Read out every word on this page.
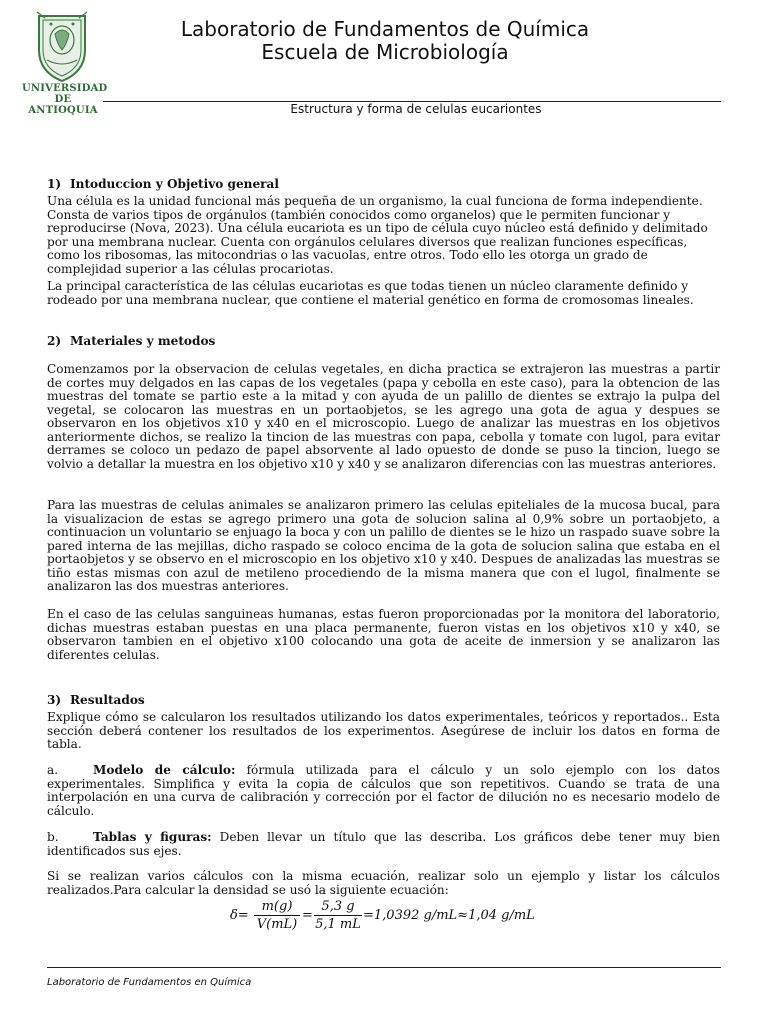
UNIVERSIDAD
DE ANTIOQUIA
Laboratorio de Fundamentos de Química
Escuela de Microbiología
Estructura y forma de celulas eucariontes
1) Intoduccion y Objetivo general

Una célula es la unidad funcional más pequeña de un organismo, la cual funciona de forma independiente. Consta de varios tipos de orgánulos (también conocidos como organelos) que le permiten funcionar y reproducirse (Nova, 2023). Una célula eucariota es un tipo de célula cuyo núcleo está definido y delimitado por una membrana nuclear. Cuenta con orgánulos celulares diversos que realizan funciones específicas, como los ribosomas, las mitocondrias o las vacuolas, entre otros. Todo ello les otorga un grado de complejidad superior a las células procariotas.

La principal característica de las células eucariotas es que todas tienen un núcleo claramente definido y rodeado por una membrana nuclear, que contiene el material genético en forma de cromosomas lineales.

2) Materiales y metodos

Comenzamos por la observacion de celulas vegetales, en dicha practica se extrajeron las muestras a partir de cortes muy delgados en las capas de los vegetales (papa y cebolla en este caso), para la obtencion de las muestras del tomate se partio este a la mitad y con ayuda de un palillo de dientes se extrajo la pulpa del vegetal, se colocaron las muestras en un portaobjetos, se les agrego una gota de agua y despues se observaron en los objetivos x10 y x40 en el microscopio. Luego de analizar las muestras en los objetivos anteriormente dichos, se realizo la tincion de las muestras con papa, cebolla y tomate con lugol, para evitar derrames se coloco un pedazo de papel absorvente al lado opuesto de donde se puso la tincion, luego se volvio a detallar la muestra en los objetivo x10 y x40 y se analizaron diferencias con las muestras anteriores.

Para las muestras de celulas animales se analizaron primero las celulas epiteliales de la mucosa bucal, para la visualizacion de estas se agrego primero una gota de solucion salina al 0,9% sobre un portaobjeto, a continuacion un voluntario se enjuago la boca y con un palillo de dientes se le hizo un raspado suave sobre la pared interna de las mejillas, dicho raspado se coloco encima de la gota de solucion salina que estaba en el portaobjetos y se observo en el microscopio en los objetivo x10 y x40. Despues de analizadas las muestras se tiño estas mismas con azul de metileno procediendo de la misma manera que con el lugol, finalmente se analizaron las dos muestras anteriores.

En el caso de las celulas sanguineas humanas, estas fueron proporcionadas por la monitora del laboratorio, dichas muestras estaban puestas en una placa permanente, fueron vistas en los objetivos x10 y x40, se observaron tambien en el objetivo x100 colocando una gota de aceite de inmersion y se analizaron las diferentes celulas.

3) Resultados

Explique cómo se calcularon los resultados utilizando los datos experimentales, teóricos y reportados.. Esta sección deberá contener los resultados de los experimentos. Asegúrese de incluir los datos en forma de tabla.

a.	Modelo de cálculo: fórmula utilizada para el cálculo y un solo ejemplo con los datos experimentales. Simplifica y evita la copia de cálculos que son repetitivos. Cuando se trata de una interpolación en una curva de calibración y corrección por el factor de dilución no es necesario modelo de cálculo.

b.	Tablas y figuras: Deben llevar un título que las describa. Los gráficos debe tener muy bien identificados sus ejes.

Si se realizan varios cálculos con la misma ecuación, realizar solo un ejemplo y listar los cálculos realizados.Para calcular la densidad se usó la siguiente ecuación:

δ=
m(g)
V(mL)
=
5,3 g
5,1 mL
=1,0392 g/mL≈1,04 g/mL
Laboratorio de Fundamentos en Química
